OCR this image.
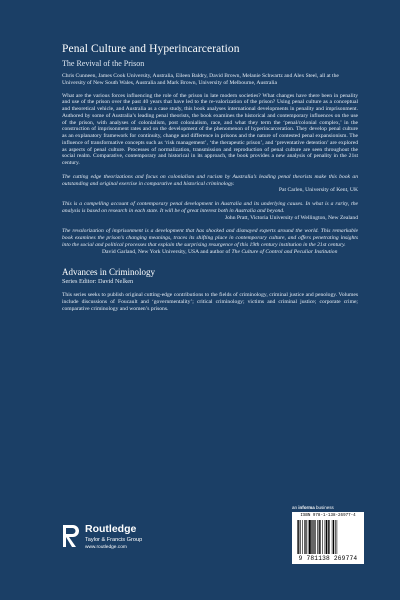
Penal Culture and Hyperincarceration
The Revival of the Prison
Chris Cunneen, James Cook University, Australia, Eileen Baldry, David Brown, Melanie Schwartz and Alex Steel, all at the University of New South Wales, Australia and Mark Brown, University of Melbourne, Australia
What are the various forces influencing the role of the prison in late modern societies? What changes have there been in penality and use of the prison over the past 40 years that have led to the re-valorization of the prison? Using penal culture as a conceptual and theoretical vehicle, and Australia as a case study, this book analyses international developments in penality and imprisonment. Authored by some of Australia’s leading penal theorists, the book examines the historical and contemporary influences on the use of the prison, with analyses of colonialism, post colonialism, race, and what they term the ‘penal/colonial complex,’ in the construction of imprisonment rates and on the development of the phenomenon of hyperincarceration. They develop penal culture as an explanatory framework for continuity, change and difference in prisons and the nature of contested penal expansionism. The influence of transformative concepts such as ‘risk management’, ‘the therapeutic prison’, and ‘preventative detention’ are explored as aspects of penal culture. Processes of normalization, transmission and reproduction of penal culture are seen throughout the social realm. Comparative, contemporary and historical in its approach, the book provides a new analysis of penality in the 21st century.
The cutting edge theorizations and focus on colonialism and racism by Australia’s leading penal theorists make this book an outstanding and original exercise in comparative and historical criminology.
Pat Carlen, University of Kent, UK
This is a compelling account of contemporary penal development in Australia and its underlying causes. In what is a rarity, the analysis is based on research in each state. It will be of great interest both in Australia and beyond.
John Pratt, Victoria University of Wellington, New Zealand
The revalorization of imprisonment is a development that has shocked and dismayed experts around the world. This remarkable book examines the prison’s changing meanings, traces its shifting place in contemporary culture, and offers penetrating insights into the social and political processes that explain the surprising resurgence of this 19th century institution in the 21st century.
David Garland, New York University, USA and author of The Culture of Control and Peculiar Institution
Advances in Criminology
Series Editor: David Nelken
This series seeks to publish original cutting-edge contributions to the fields of criminology, criminal justice and penology. Volumes include discussions of Foucault and ‘governmentality’; critical criminology; victims and criminal justice; corporate crime; comparative criminology and women’s prisons.
Routledge
Taylor & Francis Group
www.routledge.com
an informa business
ISBN 978-1-138-26977-4
9 781138 269774
